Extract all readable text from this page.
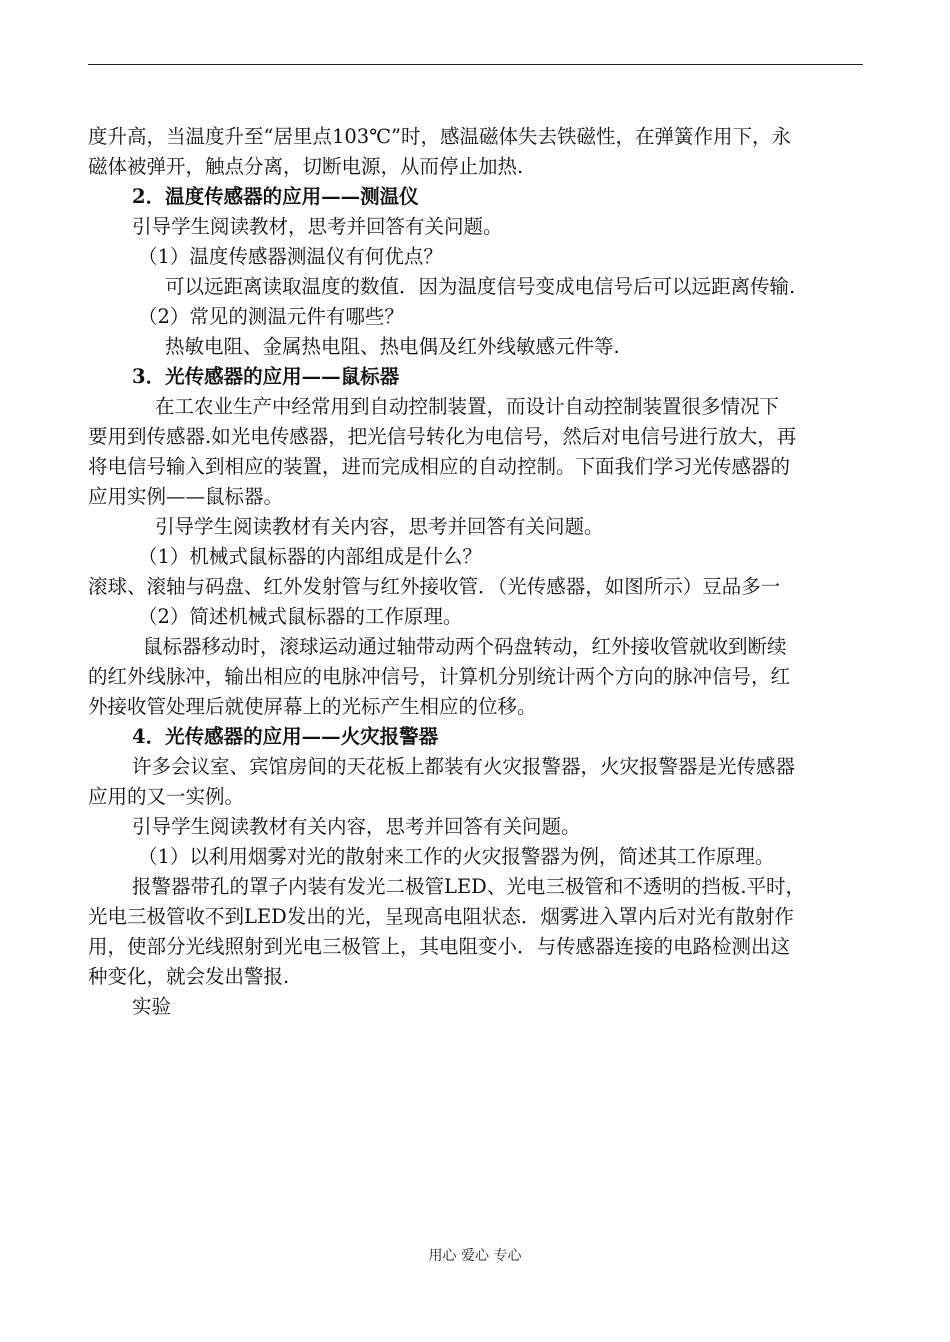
度升高，当温度升至“居里点103℃”时，感温磁体失去铁磁性，在弹簧作用下，永
磁体被弹开，触点分离，切断电源，从而停止加热.
2．温度传感器的应用——测温仪
引导学生阅读教材，思考并回答有关问题。
（1）温度传感器测温仪有何优点？
可以远距离读取温度的数值．因为温度信号变成电信号后可以远距离传输.
（2）常见的测温元件有哪些？
热敏电阻、金属热电阻、热电偶及红外线敏感元件等.
3．光传感器的应用——鼠标器
在工农业生产中经常用到自动控制装置，而设计自动控制装置很多情况下
要用到传感器.如光电传感器，把光信号转化为电信号，然后对电信号进行放大，再
将电信号输入到相应的装置，进而完成相应的自动控制。下面我们学习光传感器的
应用实例——鼠标器。
引导学生阅读教材有关内容，思考并回答有关问题。
（1）机械式鼠标器的内部组成是什么？
滚球、滚轴与码盘、红外发射管与红外接收管．（光传感器，如图所示）豆品多一
（2）简述机械式鼠标器的工作原理。
鼠标器移动时，滚球运动通过轴带动两个码盘转动，红外接收管就收到断续
的红外线脉冲，输出相应的电脉冲信号，计算机分别统计两个方向的脉冲信号，红
外接收管处理后就使屏幕上的光标产生相应的位移。
4．光传感器的应用——火灾报警器
许多会议室、宾馆房间的天花板上都装有火灾报警器，火灾报警器是光传感器
应用的又一实例。
引导学生阅读教材有关内容，思考并回答有关问题。
（1）以利用烟雾对光的散射来工作的火灾报警器为例，简述其工作原理。
报警器带孔的罩子内装有发光二极管LED、光电三极管和不透明的挡板.平时，
光电三极管收不到LED发出的光，呈现高电阻状态．烟雾进入罩内后对光有散射作
用，使部分光线照射到光电三极管上，其电阻变小．与传感器连接的电路检测出这
种变化，就会发出警报.
实验
用心 爱心 专心
